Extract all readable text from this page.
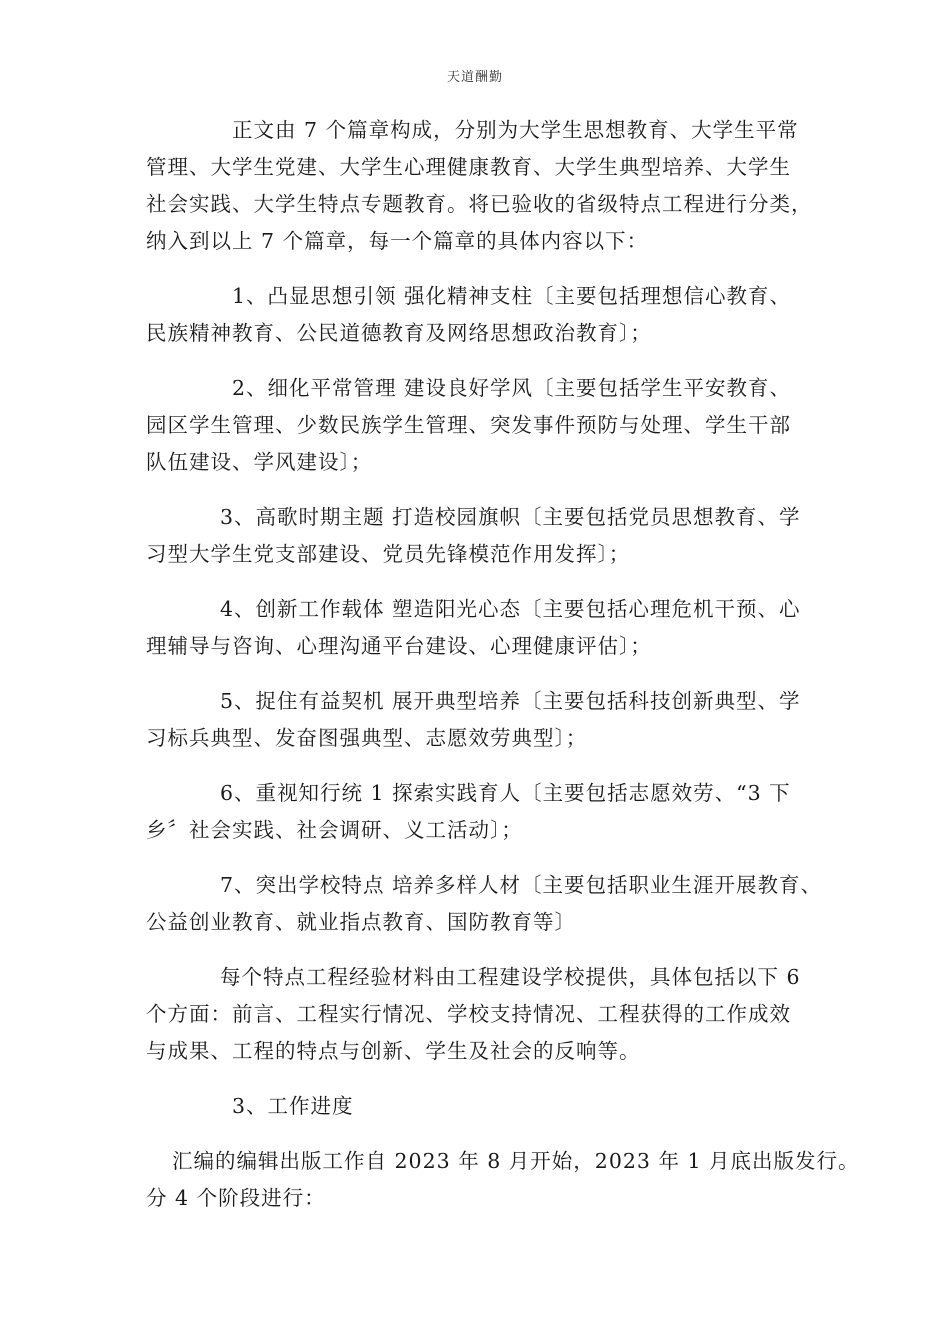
天道酬勤

正文由 7 个篇章构成，分别为大学生思想教育、大学生平常
管理、大学生党建、大学生心理健康教育、大学生典型培养、大学生
社会实践、大学生特点专题教育。将已验收的省级特点工程进行分类，
纳入到以上 7 个篇章，每一个篇章的具体内容以下：

1、凸显思想引领 强化精神支柱〔主要包括理想信心教育、
民族精神教育、公民道德教育及网络思想政治教育〕；

2、细化平常管理 建设良好学风〔主要包括学生平安教育、
园区学生管理、少数民族学生管理、突发事件预防与处理、学生干部
队伍建设、学风建设〕；

3、高歌时期主题 打造校园旗帜〔主要包括党员思想教育、学
习型大学生党支部建设、党员先锋模范作用发挥〕；

4、创新工作载体 塑造阳光心态〔主要包括心理危机干预、心
理辅导与咨询、心理沟通平台建设、心理健康评估〕；

5、捉住有益契机 展开典型培养〔主要包括科技创新典型、学
习标兵典型、发奋图强典型、志愿效劳典型〕；

6、重视知行统 1 探索实践育人〔主要包括志愿效劳、“3 下
乡〞社会实践、社会调研、义工活动〕；

7、突出学校特点 培养多样人材〔主要包括职业生涯开展教育、
公益创业教育、就业指点教育、国防教育等〕

每个特点工程经验材料由工程建设学校提供，具体包括以下 6
个方面：前言、工程实行情况、学校支持情况、工程获得的工作成效
与成果、工程的特点与创新、学生及社会的反响等。

3、工作进度

汇编的编辑出版工作自 2023 年 8 月开始，2023 年 1 月底出版发行。
分 4 个阶段进行：
